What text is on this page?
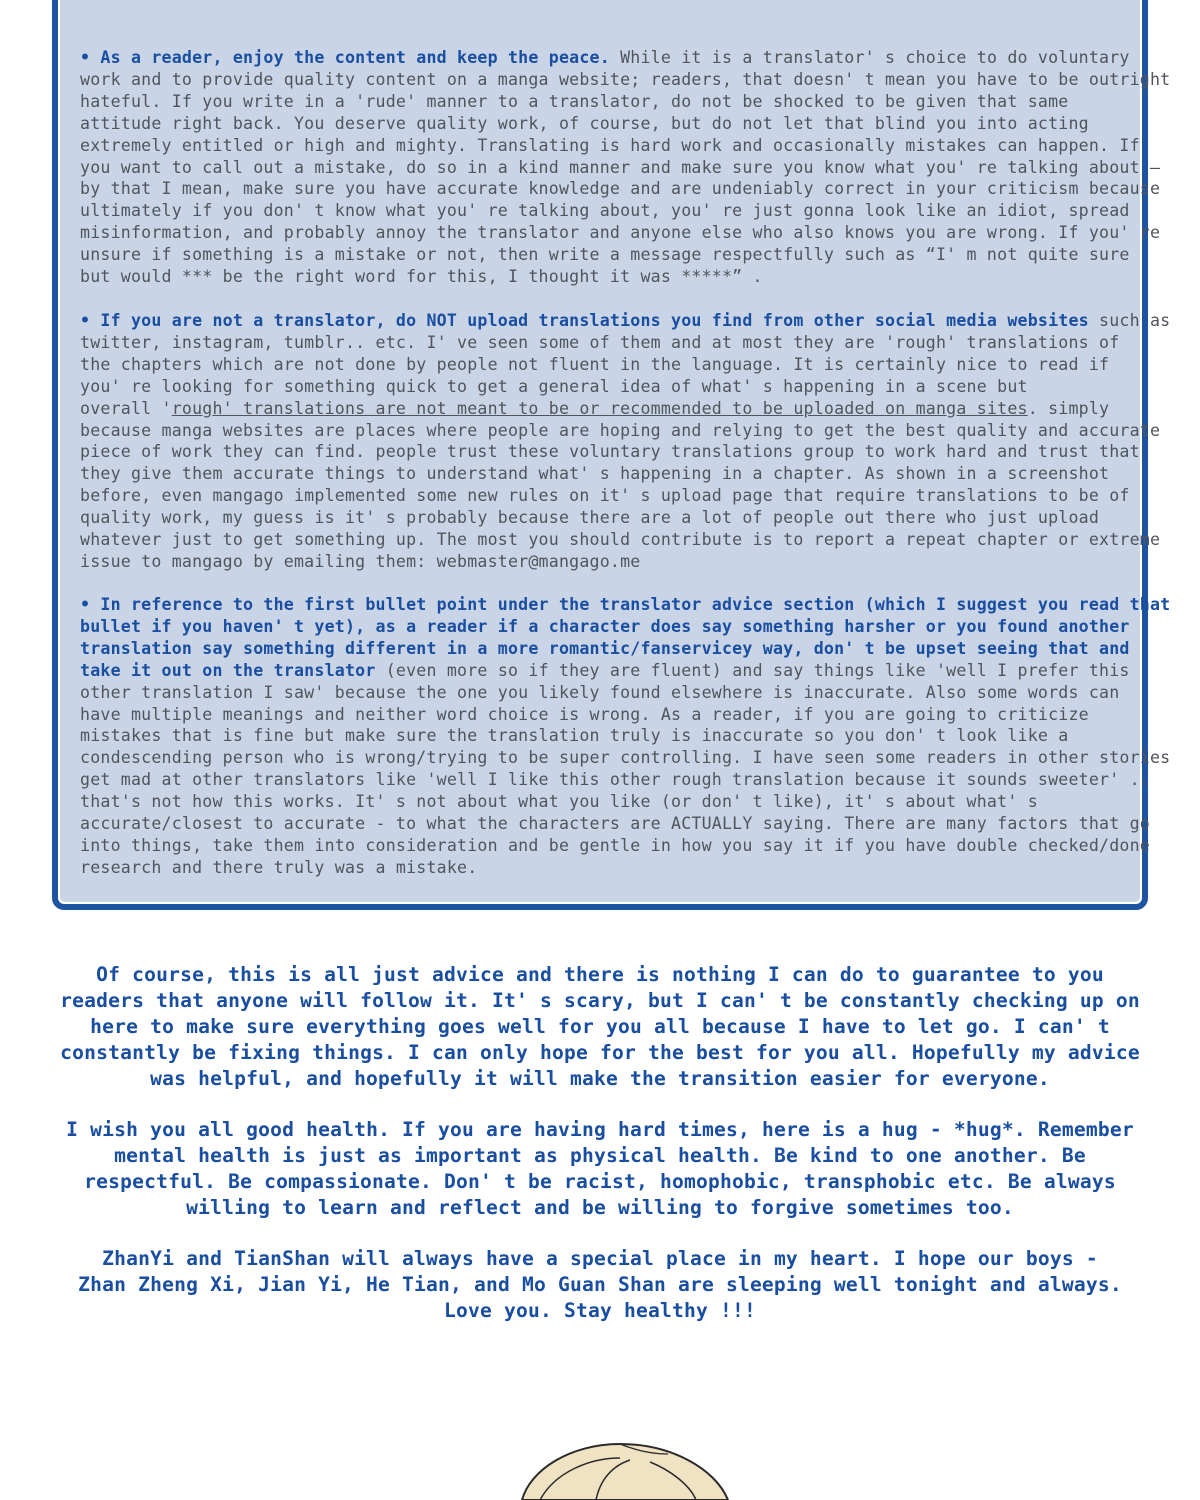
• As a reader, enjoy the content and keep the peace. While it is a translator' s choice to do voluntary
work and to provide quality content on a manga website; readers, that doesn' t mean you have to be outright
hateful. If you write in a 'rude' manner to a translator, do not be shocked to be given that same
attitude right back. You deserve quality work, of course, but do not let that blind you into acting
extremely entitled or high and mighty. Translating is hard work and occasionally mistakes can happen. If
you want to call out a mistake, do so in a kind manner and make sure you know what you' re talking about —
by that I mean, make sure you have accurate knowledge and are undeniably correct in your criticism because
ultimately if you don' t know what you' re talking about, you' re just gonna look like an idiot, spread
misinformation, and probably annoy the translator and anyone else who also knows you are wrong. If you' re
unsure if something is a mistake or not, then write a message respectfully such as “I' m not quite sure
but would *** be the right word for this, I thought it was *****” .
• If you are not a translator, do NOT upload translations you find from other social media websites such as
twitter, instagram, tumblr.. etc. I' ve seen some of them and at most they are 'rough' translations of
the chapters which are not done by people not fluent in the language. It is certainly nice to read if
you' re looking for something quick to get a general idea of what' s happening in a scene but
overall 'rough' translations are not meant to be or recommended to be uploaded on manga sites. simply
because manga websites are places where people are hoping and relying to get the best quality and accurate
piece of work they can find. people trust these voluntary translations group to work hard and trust that
they give them accurate things to understand what' s happening in a chapter. As shown in a screenshot
before, even mangago implemented some new rules on it' s upload page that require translations to be of
quality work, my guess is it' s probably because there are a lot of people out there who just upload
whatever just to get something up. The most you should contribute is to report a repeat chapter or extreme
issue to mangago by emailing them: webmaster@mangago.me
• In reference to the first bullet point under the translator advice section (which I suggest you read that
bullet if you haven' t yet), as a reader if a character does say something harsher or you found another
translation say something different in a more romantic/fanservicey way, don' t be upset seeing that and
take it out on the translator (even more so if they are fluent) and say things like 'well I prefer this
other translation I saw' because the one you likely found elsewhere is inaccurate. Also some words can
have multiple meanings and neither word choice is wrong. As a reader, if you are going to criticize
mistakes that is fine but make sure the translation truly is inaccurate so you don' t look like a
condescending person who is wrong/trying to be super controlling. I have seen some readers in other stories
get mad at other translators like 'well I like this other rough translation because it sounds sweeter' ..
that's not how this works. It' s not about what you like (or don' t like), it' s about what' s
accurate/closest to accurate - to what the characters are ACTUALLY saying. There are many factors that go
into things, take them into consideration and be gentle in how you say it if you have double checked/done
research and there truly was a mistake.
Of course, this is all just advice and there is nothing I can do to guarantee to you
readers that anyone will follow it. It' s scary, but I can' t be constantly checking up on
here to make sure everything goes well for you all because I have to let go. I can' t
constantly be fixing things. I can only hope for the best for you all. Hopefully my advice
was helpful, and hopefully it will make the transition easier for everyone.
I wish you all good health. If you are having hard times, here is a hug - *hug*. Remember
mental health is just as important as physical health. Be kind to one another. Be
respectful. Be compassionate. Don' t be racist, homophobic, transphobic etc. Be always
willing to learn and reflect and be willing to forgive sometimes too.
ZhanYi and TianShan will always have a special place in my heart. I hope our boys -
Zhan Zheng Xi, Jian Yi, He Tian, and Mo Guan Shan are sleeping well tonight and always.
Love you. Stay healthy !!!
